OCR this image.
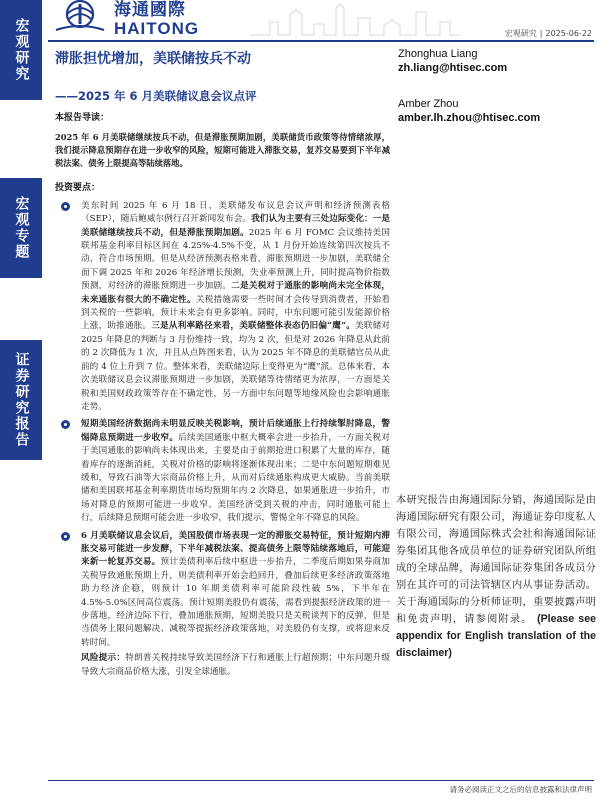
宏观研究
宏观专题
证券研究报告
海通國際
HAITONG	宏观研究 | 2025-06-22
滞胀担忧增加，美联储按兵不动
——2025 年 6 月美联储议息会议点评
Zhonghua Liang
zh.liang@htisec.com
Amber Zhou
amber.lh.zhou@htisec.com
本报告导读：
2025 年 6 月美联储继续按兵不动，但是滞胀预期加剧，美联储货币政策等待情绪浓厚，我们提示降息预期存在进一步收窄的风险，短期可能进入滞胀交易，复苏交易要到下半年减税法案、债务上限提高等陆续落地。
投资要点：
美东时间 2025 年 6 月 18 日，美联储发布议息会议声明和经济预测表格（SEP），随后鲍威尔例行召开新闻发布会。我们认为主要有三处边际变化：一是美联储继续按兵不动，但是滞胀预期加剧。2025 年 6 月 FOMC 会议维持美国联邦基金利率目标区间在 4.25%-4.5%不变，从 1 月份开始连续第四次按兵不动，符合市场预期。但是从经济预测表格来看，滞胀预期进一步加剧，美联储全面下调 2025 年和 2026 年经济增长预测，失业率预测上升，同时提高物价指数预测，对经济的滞胀预期进一步加剧。二是关税对于通胀的影响尚未完全体现，未来通胀有很大的不确定性。关税措施需要一些时间才会传导到消费者，开始看到关税的一些影响，预计未来会有更多影响。同时，中东问题可能引发能源价格上涨，助推通胀。三是从利率路径来看，美联储整体表态仍旧偏“鹰”。美联储对 2025 年降息的判断与 3 月份维持一致，均为 2 次，但是对 2026 年降息从此前的 2 次降低为 1 次，并且从点阵图来看，认为 2025 年不降息的美联储官员从此前的 4 位上升到 7 位。整体来看，美联储边际上变得更为“鹰”派。总体来看，本次美联储议息会议滞胀预期进一步加剧，美联储等待情绪更为浓厚，一方面是关税和美国财政政策等存在不确定性，另一方面中东问题等地缘风险也会影响通胀走势。
短期美国经济数据尚未明显反映关税影响，预计后续通胀上行持续掣肘降息，警惕降息预期进一步收窄。后续美国通胀中枢大概率会进一步抬升，一方面关税对于美国通胀的影响尚未体现出来，主要是由于前期抢进口积累了大量的库存，随着库存的逐渐消耗，关税对价格的影响将逐渐体现出来；二是中东问题短期难见缓和，导致石油等大宗商品价格上升，从而对后续通胀构成更大威胁。当前美联储和美国联邦基金利率期货市场均预期年内 2 次降息，如果通胀进一步抬升，市场对降息的预期可能进一步收窄。美国经济受到关税的冲击，同时通胀可能上行，后续降息预期可能会进一步收窄，我们提示，警惕全年不降息的风险。
6 月美联储议息会议后，美国股债市场表现一定的滞胀交易特征，预计短期内滞胀交易可能进一步发酵，下半年减税法案、提高债务上限等陆续落地后，可能迎来新一轮复苏交易。预计美债利率后续中枢进一步抬升，二季度后期如果券商加关税导致通胀预期上升，则美债利率开始会趋回升，叠加后续更多经济政策落地助力经济企稳，则预计 10 年期美债利率可能阶段性破 5%，下半年在 4.5%-5.0%区间高位震荡。预计短期美股仍有震荡，需看到提振经济政策的进一步落地，经济边际下行，叠加通胀预期，短期美股只是关税谈判下的反弹，但是当债务上限问题解决、减税等提振经济政策落地，对美股仍有支撑，或将迎来反转时间。
风险提示：特朗普关税持续导致美国经济下行和通胀上行超预期；中东问题升级导致大宗商品价格大涨，引发全球通胀。
本研究报告由海通国际分销，海通国际是由海通国际研究有限公司，海通证券印度私人有限公司，海通国际株式会社和海通国际证券集团其他各成员单位的证券研究团队所组成的全球品牌，海通国际证券集团各成员分别在其许可的司法管辖区内从事证券活动。关于海通国际的分析师证明，重要披露声明和免责声明，请参阅附录。 (Please see appendix for English translation of the disclaimer)
请务必阅读正文之后的信息披露和法律声明
